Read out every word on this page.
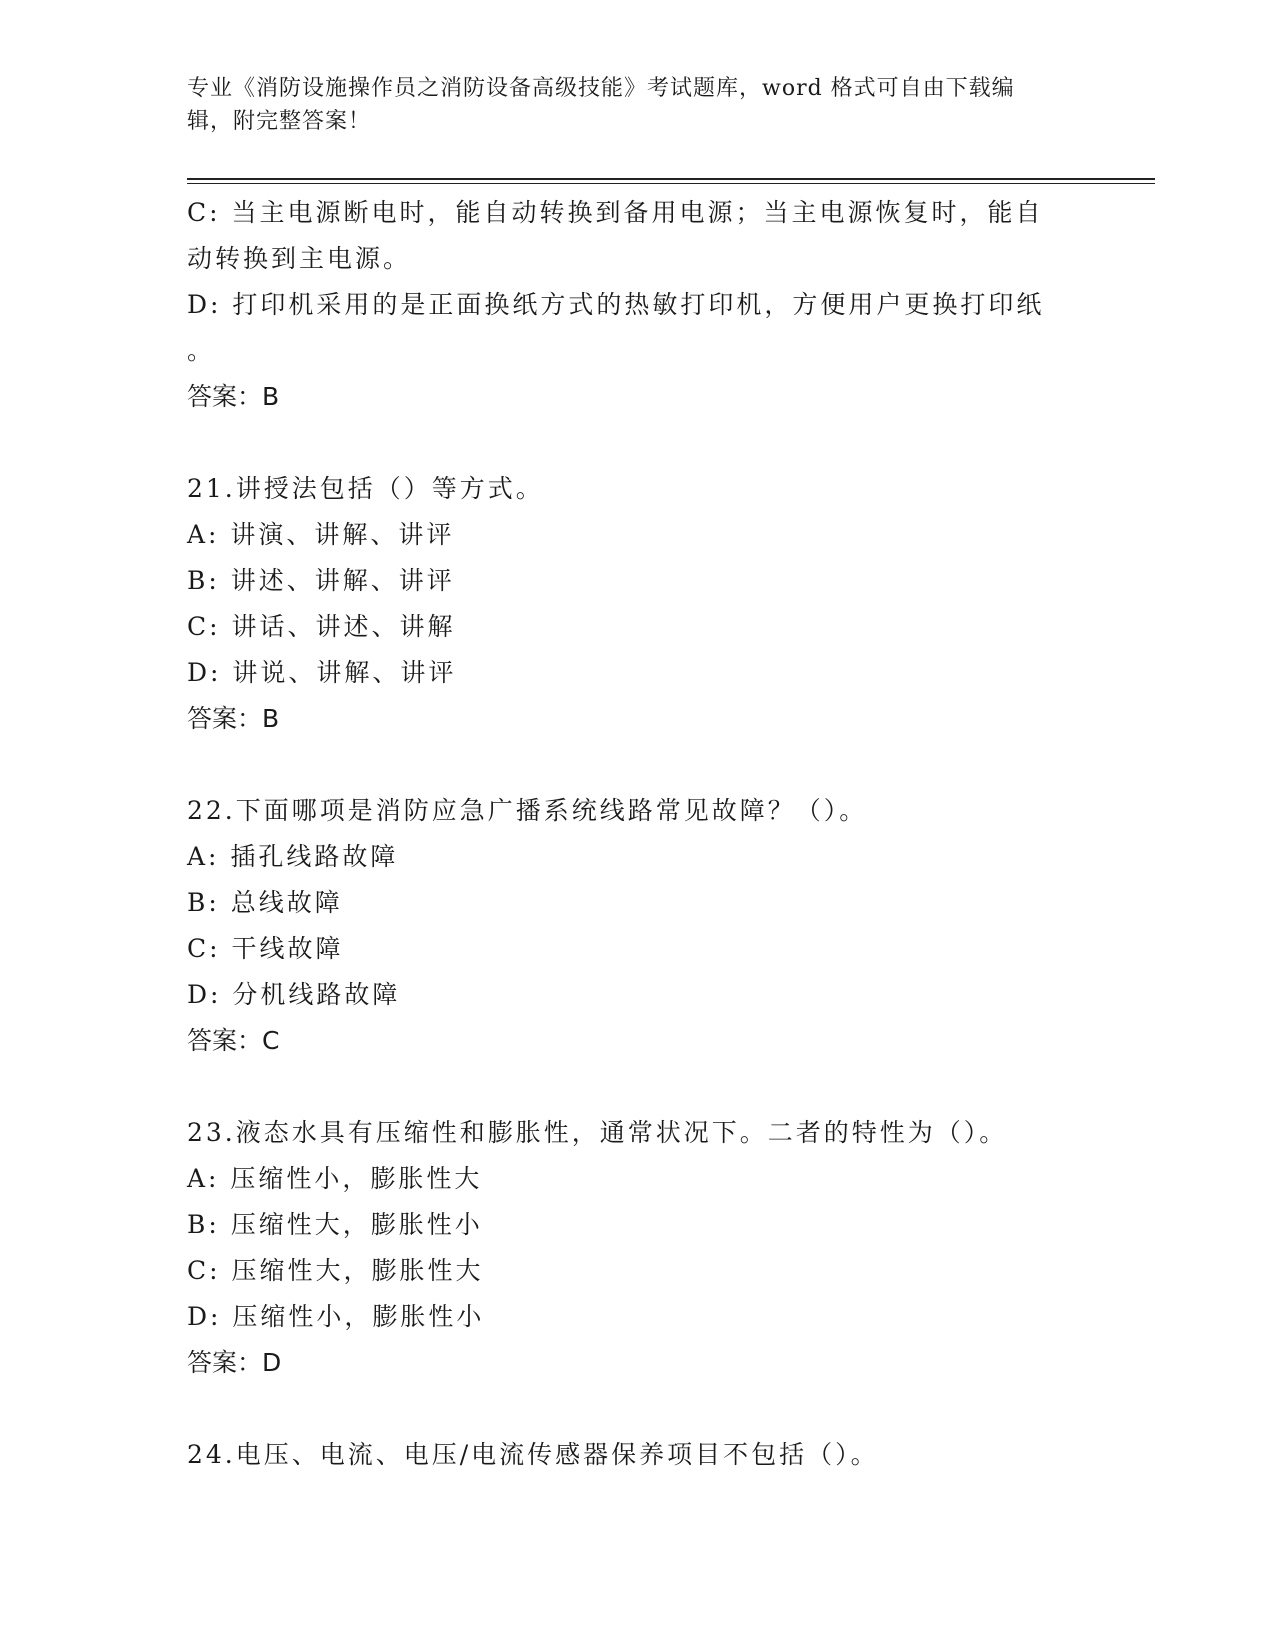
专业《消防设施操作员之消防设备高级技能》考试题库，word 格式可自由下载编
辑，附完整答案！
C: 当主电源断电时，能自动转换到备用电源；当主电源恢复时，能自
动转换到主电源。
D: 打印机采用的是正面换纸方式的热敏打印机，方便用户更换打印纸
。
答案：B
21.讲授法包括（）等方式。
A: 讲演、讲解、讲评
B: 讲述、讲解、讲评
C: 讲话、讲述、讲解
D: 讲说、讲解、讲评
答案：B
22.下面哪项是消防应急广播系统线路常见故障？（）。
A: 插孔线路故障
B: 总线故障
C: 干线故障
D: 分机线路故障
答案：C
23.液态水具有压缩性和膨胀性，通常状况下。二者的特性为（）。
A: 压缩性小，膨胀性大
B: 压缩性大，膨胀性小
C: 压缩性大，膨胀性大
D: 压缩性小，膨胀性小
答案：D
24.电压、电流、电压/电流传感器保养项目不包括（）。
